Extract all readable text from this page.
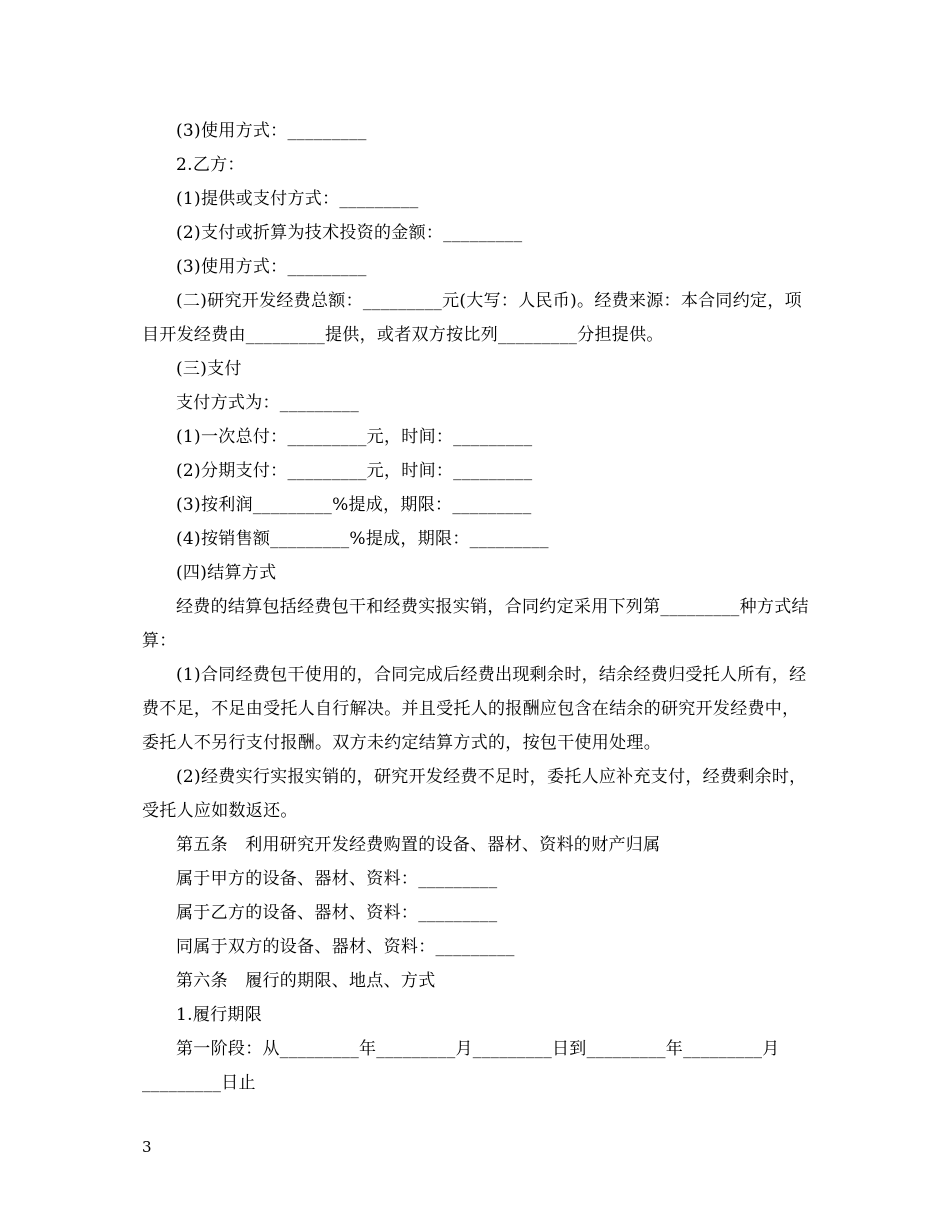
(3)使用方式：_________

2.乙方：

(1)提供或支付方式：_________

(2)支付或折算为技术投资的金额：_________

(3)使用方式：_________

(二)研究开发经费总额：_________元(大写：人民币)。经费来源：本合同约定，项目开发经费由_________提供，或者双方按比列_________分担提供。

(三)支付

支付方式为：_________

(1)一次总付：_________元，时间：_________

(2)分期支付：_________元，时间：_________

(3)按利润_________%提成，期限：_________

(4)按销售额_________%提成，期限：_________

(四)结算方式

经费的结算包括经费包干和经费实报实销，合同约定采用下列第_________种方式结算：

(1)合同经费包干使用的，合同完成后经费出现剩余时，结余经费归受托人所有，经费不足，不足由受托人自行解决。并且受托人的报酬应包含在结余的研究开发经费中，委托人不另行支付报酬。双方未约定结算方式的，按包干使用处理。

(2)经费实行实报实销的，研究开发经费不足时，委托人应补充支付，经费剩余时，受托人应如数返还。

第五条　利用研究开发经费购置的设备、器材、资料的财产归属

属于甲方的设备、器材、资料：_________

属于乙方的设备、器材、资料：_________

同属于双方的设备、器材、资料：_________

第六条　履行的期限、地点、方式

1.履行期限

第一阶段：从_________年_________月_________日到_________年_________月_________日止

3
